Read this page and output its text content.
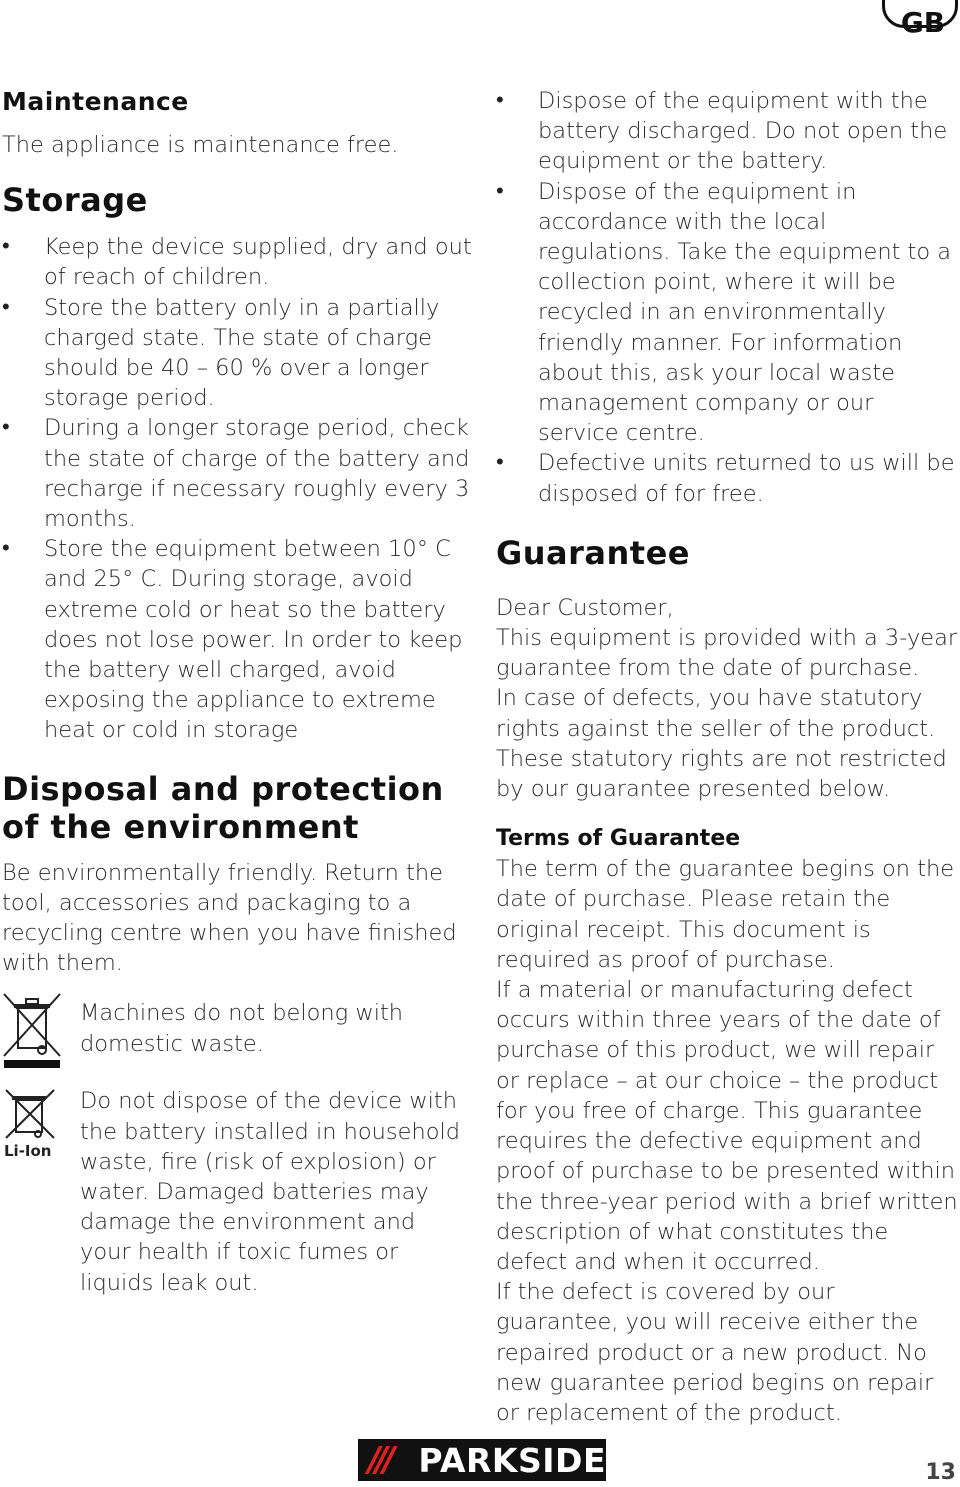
GB
Maintenance

The appliance is maintenance free.

Storage
• Keep the device supplied, dry and out of reach of children.
• Store the battery only in a partially charged state. The state of charge should be 40 – 60 % over a longer storage period.
• During a longer storage period, check the state of charge of the battery and recharge if necessary roughly every 3 months.
• Store the equipment between 10° C and 25° C. During storage, avoid extreme cold or heat so the battery does not lose power. In order to keep the battery well charged, avoid exposing the appliance to extreme heat or cold in storage
Disposal and protection
of the environment

Be environmentally friendly. Return the tool, accessories and packaging to a recycling centre when you have finished with them.

Machines do not belong with domestic waste.

Li-Ion

Do not dispose of the device with the battery installed in household waste, fire (risk of explosion) or water. Damaged batteries may damage the environment and your health if toxic fumes or liquids leak out.

• Dispose of the equipment with the battery discharged. Do not open the equipment or the battery.
• Dispose of the equipment in accordance with the local regulations. Take the equipment to a collection point, where it will be recycled in an environmentally friendly manner. For information about this, ask your local waste management company or our service centre.
• Defective units returned to us will be disposed of for free.
Guarantee

Dear Customer,

This equipment is provided with a 3-year guarantee from the date of purchase.

In case of defects, you have statutory rights against the seller of the product. These statutory rights are not restricted by our guarantee presented below.

Terms of Guarantee

The term of the guarantee begins on the date of purchase. Please retain the original receipt. This document is required as proof of purchase.

If a material or manufacturing defect occurs within three years of the date of purchase of this product, we will repair or replace – at our choice – the product for you free of charge. This guarantee requires the defective equipment and proof of purchase to be presented within the three-year period with a brief written description of what constitutes the defect and when it occurred.

If the defect is covered by our guarantee, you will receive either the repaired product or a new product. No new guarantee period begins on repair or replacement of the product.

/// PARKSIDE	13
